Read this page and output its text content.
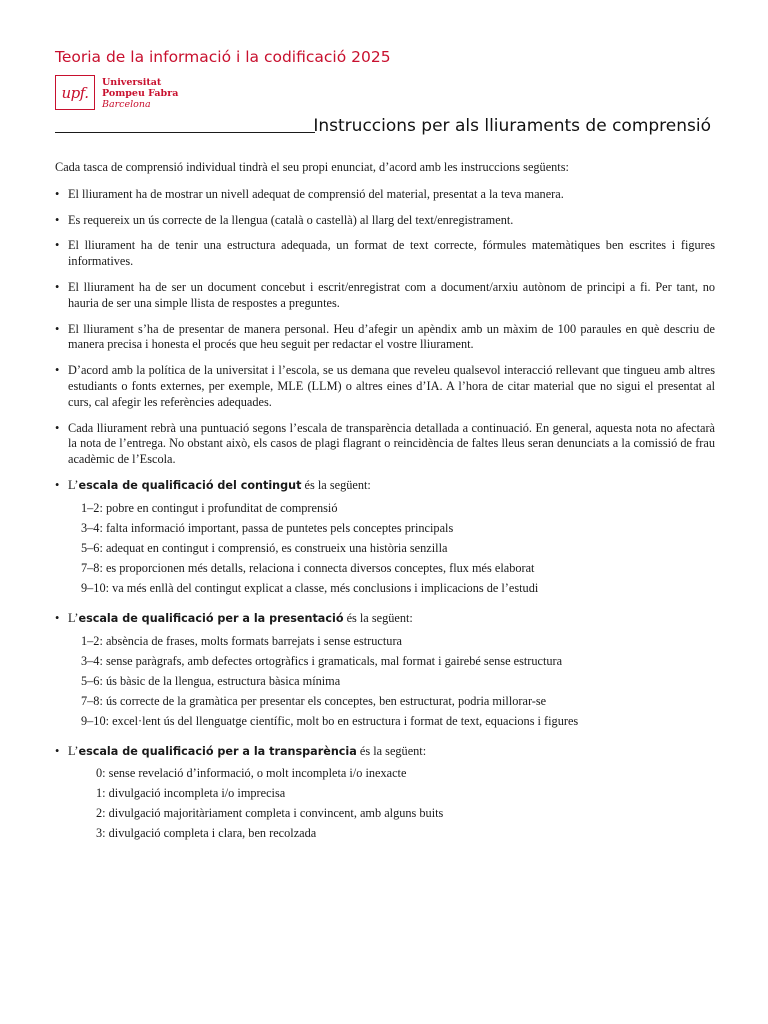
Teoria de la informació i la codificació 2025
upf.
Universitat
Pompeu Fabra
Barcelona
Instruccions per als lliuraments de comprensió

Cada tasca de comprensió individual tindrà el seu propi enunciat, d’acord amb les instruccions següents:

• El lliurament ha de mostrar un nivell adequat de comprensió del material, presentat a la teva manera.
• Es requereix un ús correcte de la llengua (català o castellà) al llarg del text/enregistrament.
• El lliurament ha de tenir una estructura adequada, un format de text correcte, fórmules matemàtiques ben escrites i figures informatives.
• El lliurament ha de ser un document concebut i escrit/enregistrat com a document/arxiu autònom de principi a fi. Per tant, no hauria de ser una simple llista de respostes a preguntes.
• El lliurament s’ha de presentar de manera personal. Heu d’afegir un apèndix amb un màxim de 100 paraules en què descriu de manera precisa i honesta el procés que heu seguit per redactar el vostre lliurament.
• D’acord amb la política de la universitat i l’escola, se us demana que reveleu qualsevol interacció rellevant que tingueu amb altres estudiants o fonts externes, per exemple, MLE (LLM) o altres eines d’IA. A l’hora de citar material que no sigui el presentat al curs, cal afegir les referències adequades.
• Cada lliurament rebrà una puntuació segons l’escala de transparència detallada a continuació. En general, aquesta nota no afectarà la nota de l’entrega. No obstant això, els casos de plagi flagrant o reincidència de faltes lleus seran denunciats a la comissió de frau acadèmic de l’Escola.
• L’escala de qualificació del contingut és la següent:
1–2: pobre en contingut i profunditat de comprensió
3–4: falta informació important, passa de puntetes pels conceptes principals
5–6: adequat en contingut i comprensió, es construeix una història senzilla
7–8: es proporcionen més detalls, relaciona i connecta diversos conceptes, flux més elaborat
9–10: va més enllà del contingut explicat a classe, més conclusions i implicacions de l’estudi
• L’escala de qualificació per a la presentació és la següent:
1–2: absència de frases, molts formats barrejats i sense estructura
3–4: sense paràgrafs, amb defectes ortogràfics i gramaticals, mal format i gairebé sense estructura
5–6: ús bàsic de la llengua, estructura bàsica mínima
7–8: ús correcte de la gramàtica per presentar els conceptes, ben estructurat, podria millorar-se
9–10: excel·lent ús del llenguatge científic, molt bo en estructura i format de text, equacions i figures
• L’escala de qualificació per a la transparència és la següent:
0: sense revelació d’informació, o molt incompleta i/o inexacte
1: divulgació incompleta i/o imprecisa
2: divulgació majoritàriament completa i convincent, amb alguns buits
3: divulgació completa i clara, ben recolzada
